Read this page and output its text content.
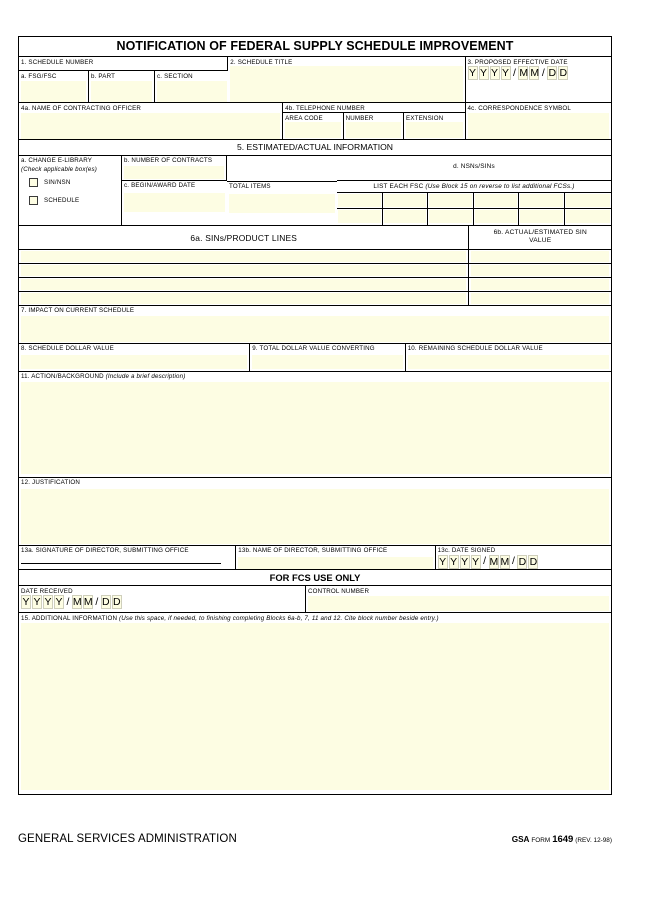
NOTIFICATION OF FEDERAL SUPPLY SCHEDULE IMPROVEMENT
1. SCHEDULE NUMBER	2. SCHEDULE TITLE	3. PROPOSED EFFECTIVE DATE
Y Y Y Y / M M / D D
a. FSG/FSC	b. PART	c. SECTION
4a. NAME OF CONTRACTING OFFICER	4b. TELEPHONE NUMBER
AREA CODE	NUMBER	EXTENSION
4c. CORRESPONDENCE SYMBOL
5. ESTIMATED/ACTUAL INFORMATION
a. CHANGE E-LIBRARY
(Check applicable box(es)
SIN/NSN
SCHEDULE
b. NUMBER OF CONTRACTS
c. BEGIN/AWARD DATE	TOTAL ITEMS
d. NSNs/SINs
LIST EACH FSC (Use Block 15 on reverse to list additional FCSs.)
6a. SINs/PRODUCT LINES
6b. ACTUAL/ESTIMATED SIN
VALUE
7. IMPACT ON CURRENT SCHEDULE
8. SCHEDULE DOLLAR VALUE	9. TOTAL DOLLAR VALUE CONVERTING	10. REMAINING SCHEDULE DOLLAR VALUE
11. ACTION/BACKGROUND (Include a brief description)
12. JUSTIFICATION
13a. SIGNATURE OF DIRECTOR, SUBMITTING OFFICE	13b. NAME OF DIRECTOR, SUBMITTING OFFICE	13c. DATE SIGNED
Y Y Y Y / M M / D D
FOR FCS USE ONLY
DATE RECEIVED
Y Y Y Y / M M / D D
CONTROL NUMBER
15. ADDITIONAL INFORMATION (Use this space, if needed, to finishing completing Blocks 6a-b, 7, 11 and 12. Cite block number beside entry.)
GENERAL SERVICES ADMINISTRATION	GSA FORM 1649 (REV. 12-98)
